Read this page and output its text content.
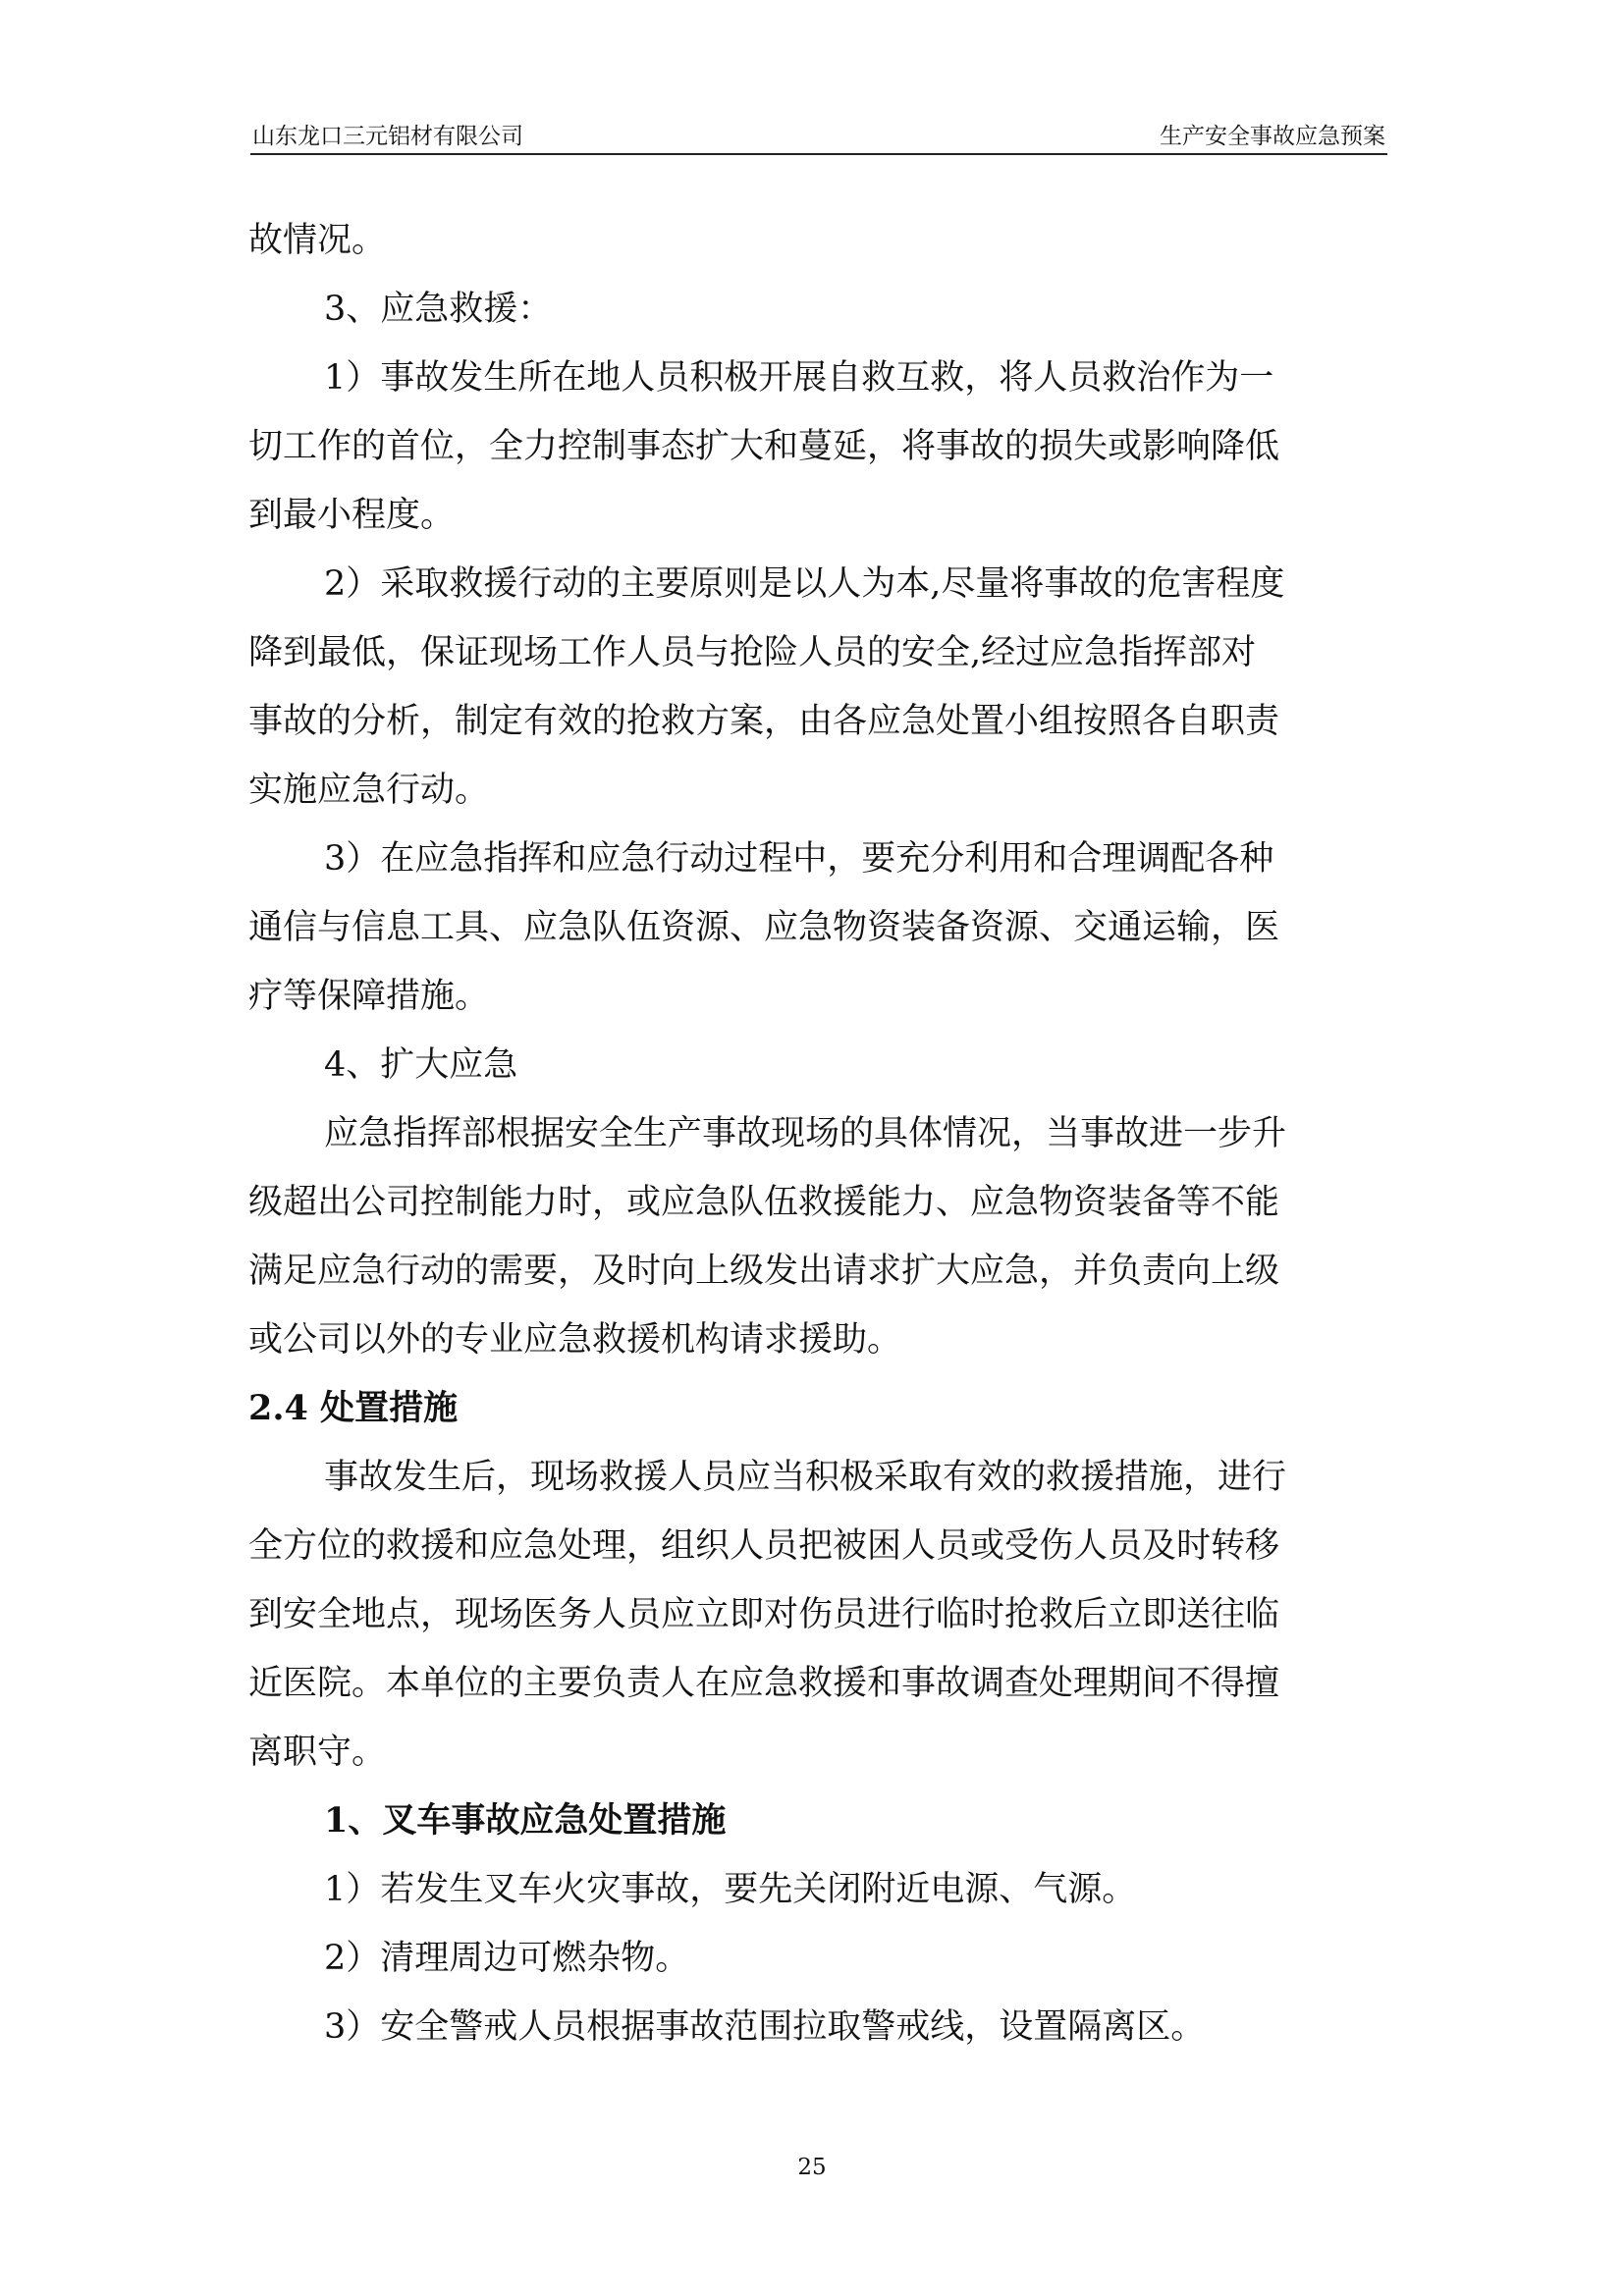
山东龙口三元铝材有限公司	生产安全事故应急预案
故情况。
3、应急救援：
1）事故发生所在地人员积极开展自救互救，将人员救治作为一
切工作的首位，全力控制事态扩大和蔓延，将事故的损失或影响降低
到最小程度。
2）采取救援行动的主要原则是以人为本,尽量将事故的危害程度
降到最低，保证现场工作人员与抢险人员的安全,经过应急指挥部对
事故的分析，制定有效的抢救方案，由各应急处置小组按照各自职责
实施应急行动。
3）在应急指挥和应急行动过程中，要充分利用和合理调配各种
通信与信息工具、应急队伍资源、应急物资装备资源、交通运输，医
疗等保障措施。
4、扩大应急
应急指挥部根据安全生产事故现场的具体情况，当事故进一步升
级超出公司控制能力时，或应急队伍救援能力、应急物资装备等不能
满足应急行动的需要，及时向上级发出请求扩大应急，并负责向上级
或公司以外的专业应急救援机构请求援助。
2.4 处置措施
事故发生后，现场救援人员应当积极采取有效的救援措施，进行
全方位的救援和应急处理，组织人员把被困人员或受伤人员及时转移
到安全地点，现场医务人员应立即对伤员进行临时抢救后立即送往临
近医院。本单位的主要负责人在应急救援和事故调查处理期间不得擅
离职守。
1、叉车事故应急处置措施
1）若发生叉车火灾事故，要先关闭附近电源、气源。
2）清理周边可燃杂物。
3）安全警戒人员根据事故范围拉取警戒线，设置隔离区。
25
